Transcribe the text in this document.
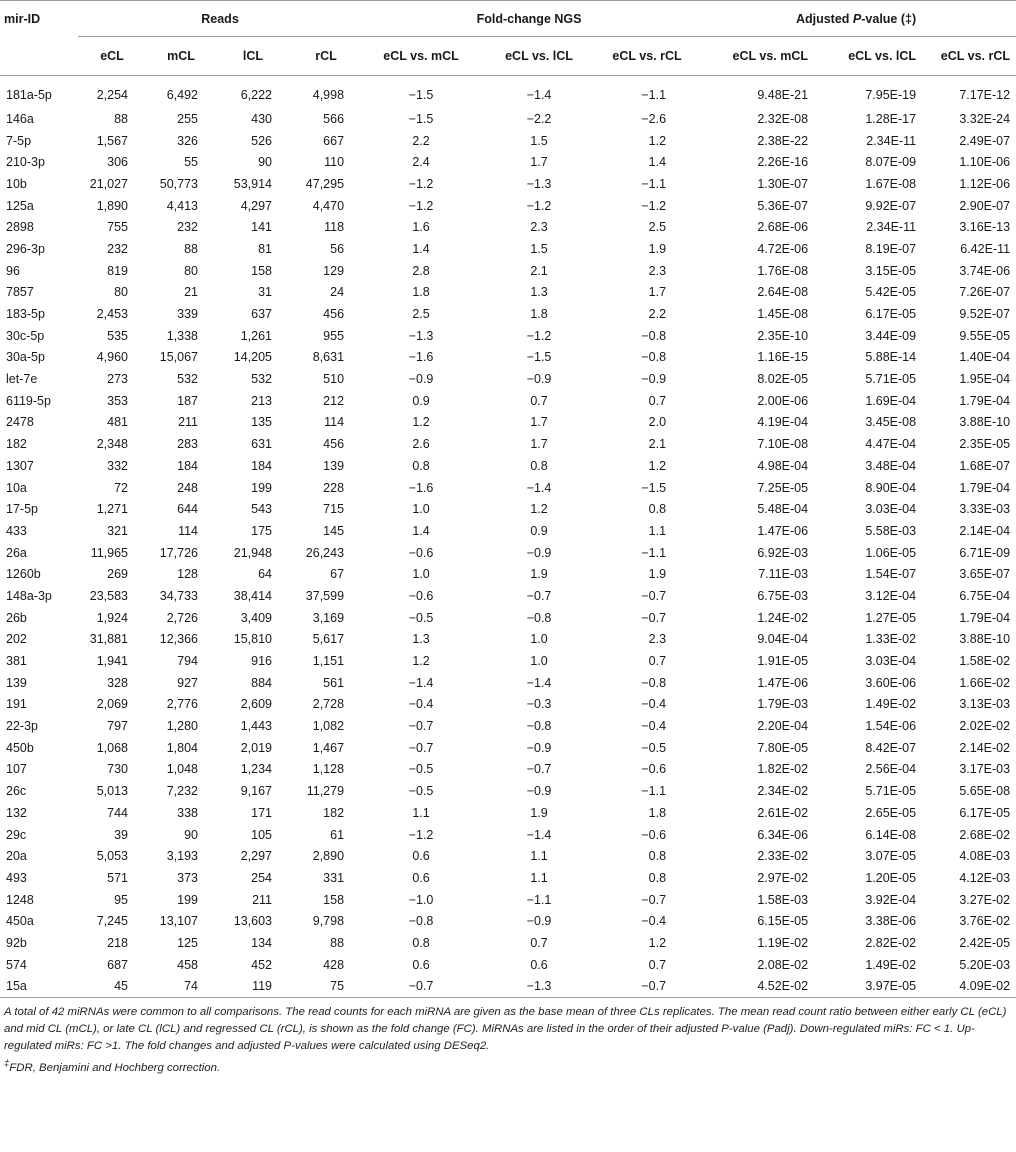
mir-ID	Reads				Fold-change NGS			Adjusted P-value (‡)		

	eCL	mCL	lCL	rCL	eCL vs. mCL	eCL vs. lCL	eCL vs. rCL	eCL vs. mCL	eCL vs. lCL	eCL vs. rCL
181a-5p	2,254	6,492	6,222	4,998	−1.5	−1.4	−1.1	9.48E-21	7.95E-19	7.17E-12
146a	88	255	430	566	−1.5	−2.2	−2.6	2.32E-08	1.28E-17	3.32E-24
7-5p	1,567	326	526	667	2.2	1.5	1.2	2.38E-22	2.34E-11	2.49E-07
210-3p	306	55	90	110	2.4	1.7	1.4	2.26E-16	8.07E-09	1.10E-06
10b	21,027	50,773	53,914	47,295	−1.2	−1.3	−1.1	1.30E-07	1.67E-08	1.12E-06
125a	1,890	4,413	4,297	4,470	−1.2	−1.2	−1.2	5.36E-07	9.92E-07	2.90E-07
2898	755	232	141	118	1.6	2.3	2.5	2.68E-06	2.34E-11	3.16E-13
296-3p	232	88	81	56	1.4	1.5	1.9	4.72E-06	8.19E-07	6.42E-11
96	819	80	158	129	2.8	2.1	2.3	1.76E-08	3.15E-05	3.74E-06
7857	80	21	31	24	1.8	1.3	1.7	2.64E-08	5.42E-05	7.26E-07
183-5p	2,453	339	637	456	2.5	1.8	2.2	1.45E-08	6.17E-05	9.52E-07
30c-5p	535	1,338	1,261	955	−1.3	−1.2	−0.8	2.35E-10	3.44E-09	9.55E-05
30a-5p	4,960	15,067	14,205	8,631	−1.6	−1.5	−0.8	1.16E-15	5.88E-14	1.40E-04
let-7e	273	532	532	510	−0.9	−0.9	−0.9	8.02E-05	5.71E-05	1.95E-04
6119-5p	353	187	213	212	0.9	0.7	0.7	2.00E-06	1.69E-04	1.79E-04
2478	481	211	135	114	1.2	1.7	2.0	4.19E-04	3.45E-08	3.88E-10
182	2,348	283	631	456	2.6	1.7	2.1	7.10E-08	4.47E-04	2.35E-05
1307	332	184	184	139	0.8	0.8	1.2	4.98E-04	3.48E-04	1.68E-07
10a	72	248	199	228	−1.6	−1.4	−1.5	7.25E-05	8.90E-04	1.79E-04
17-5p	1,271	644	543	715	1.0	1.2	0.8	5.48E-04	3.03E-04	3.33E-03
433	321	114	175	145	1.4	0.9	1.1	1.47E-06	5.58E-03	2.14E-04
26a	11,965	17,726	21,948	26,243	−0.6	−0.9	−1.1	6.92E-03	1.06E-05	6.71E-09
1260b	269	128	64	67	1.0	1.9	1.9	7.11E-03	1.54E-07	3.65E-07
148a-3p	23,583	34,733	38,414	37,599	−0.6	−0.7	−0.7	6.75E-03	3.12E-04	6.75E-04
26b	1,924	2,726	3,409	3,169	−0.5	−0.8	−0.7	1.24E-02	1.27E-05	1.79E-04
202	31,881	12,366	15,810	5,617	1.3	1.0	2.3	9.04E-04	1.33E-02	3.88E-10
381	1,941	794	916	1,151	1.2	1.0	0.7	1.91E-05	3.03E-04	1.58E-02
139	328	927	884	561	−1.4	−1.4	−0.8	1.47E-06	3.60E-06	1.66E-02
191	2,069	2,776	2,609	2,728	−0.4	−0.3	−0.4	1.79E-03	1.49E-02	3.13E-03
22-3p	797	1,280	1,443	1,082	−0.7	−0.8	−0.4	2.20E-04	1.54E-06	2.02E-02
450b	1,068	1,804	2,019	1,467	−0.7	−0.9	−0.5	7.80E-05	8.42E-07	2.14E-02
107	730	1,048	1,234	1,128	−0.5	−0.7	−0.6	1.82E-02	2.56E-04	3.17E-03
26c	5,013	7,232	9,167	11,279	−0.5	−0.9	−1.1	2.34E-02	5.71E-05	5.65E-08
132	744	338	171	182	1.1	1.9	1.8	2.61E-02	2.65E-05	6.17E-05
29c	39	90	105	61	−1.2	−1.4	−0.6	6.34E-06	6.14E-08	2.68E-02
20a	5,053	3,193	2,297	2,890	0.6	1.1	0.8	2.33E-02	3.07E-05	4.08E-03
493	571	373	254	331	0.6	1.1	0.8	2.97E-02	1.20E-05	4.12E-03
1248	95	199	211	158	−1.0	−1.1	−0.7	1.58E-03	3.92E-04	3.27E-02
450a	7,245	13,107	13,603	9,798	−0.8	−0.9	−0.4	6.15E-05	3.38E-06	3.76E-02
92b	218	125	134	88	0.8	0.7	1.2	1.19E-02	2.82E-02	2.42E-05
574	687	458	452	428	0.6	0.6	0.7	2.08E-02	1.49E-02	5.20E-03
15a	45	74	119	75	−0.7	−1.3	−0.7	4.52E-02	3.97E-05	4.09E-02

A total of 42 miRNAs were common to all comparisons. The read counts for each miRNA are given as the base mean of three CLs replicates. The mean read count ratio between either early CL (eCL) and mid CL (mCL), or late CL (lCL) and regressed CL (rCL), is shown as the fold change (FC). MiRNAs are listed in the order of their adjusted P-value (Padj). Down-regulated miRs: FC < 1. Up-regulated miRs: FC >1. The fold changes and adjusted P-values were calculated using DESeq2.

‡FDR, Benjamini and Hochberg correction.
